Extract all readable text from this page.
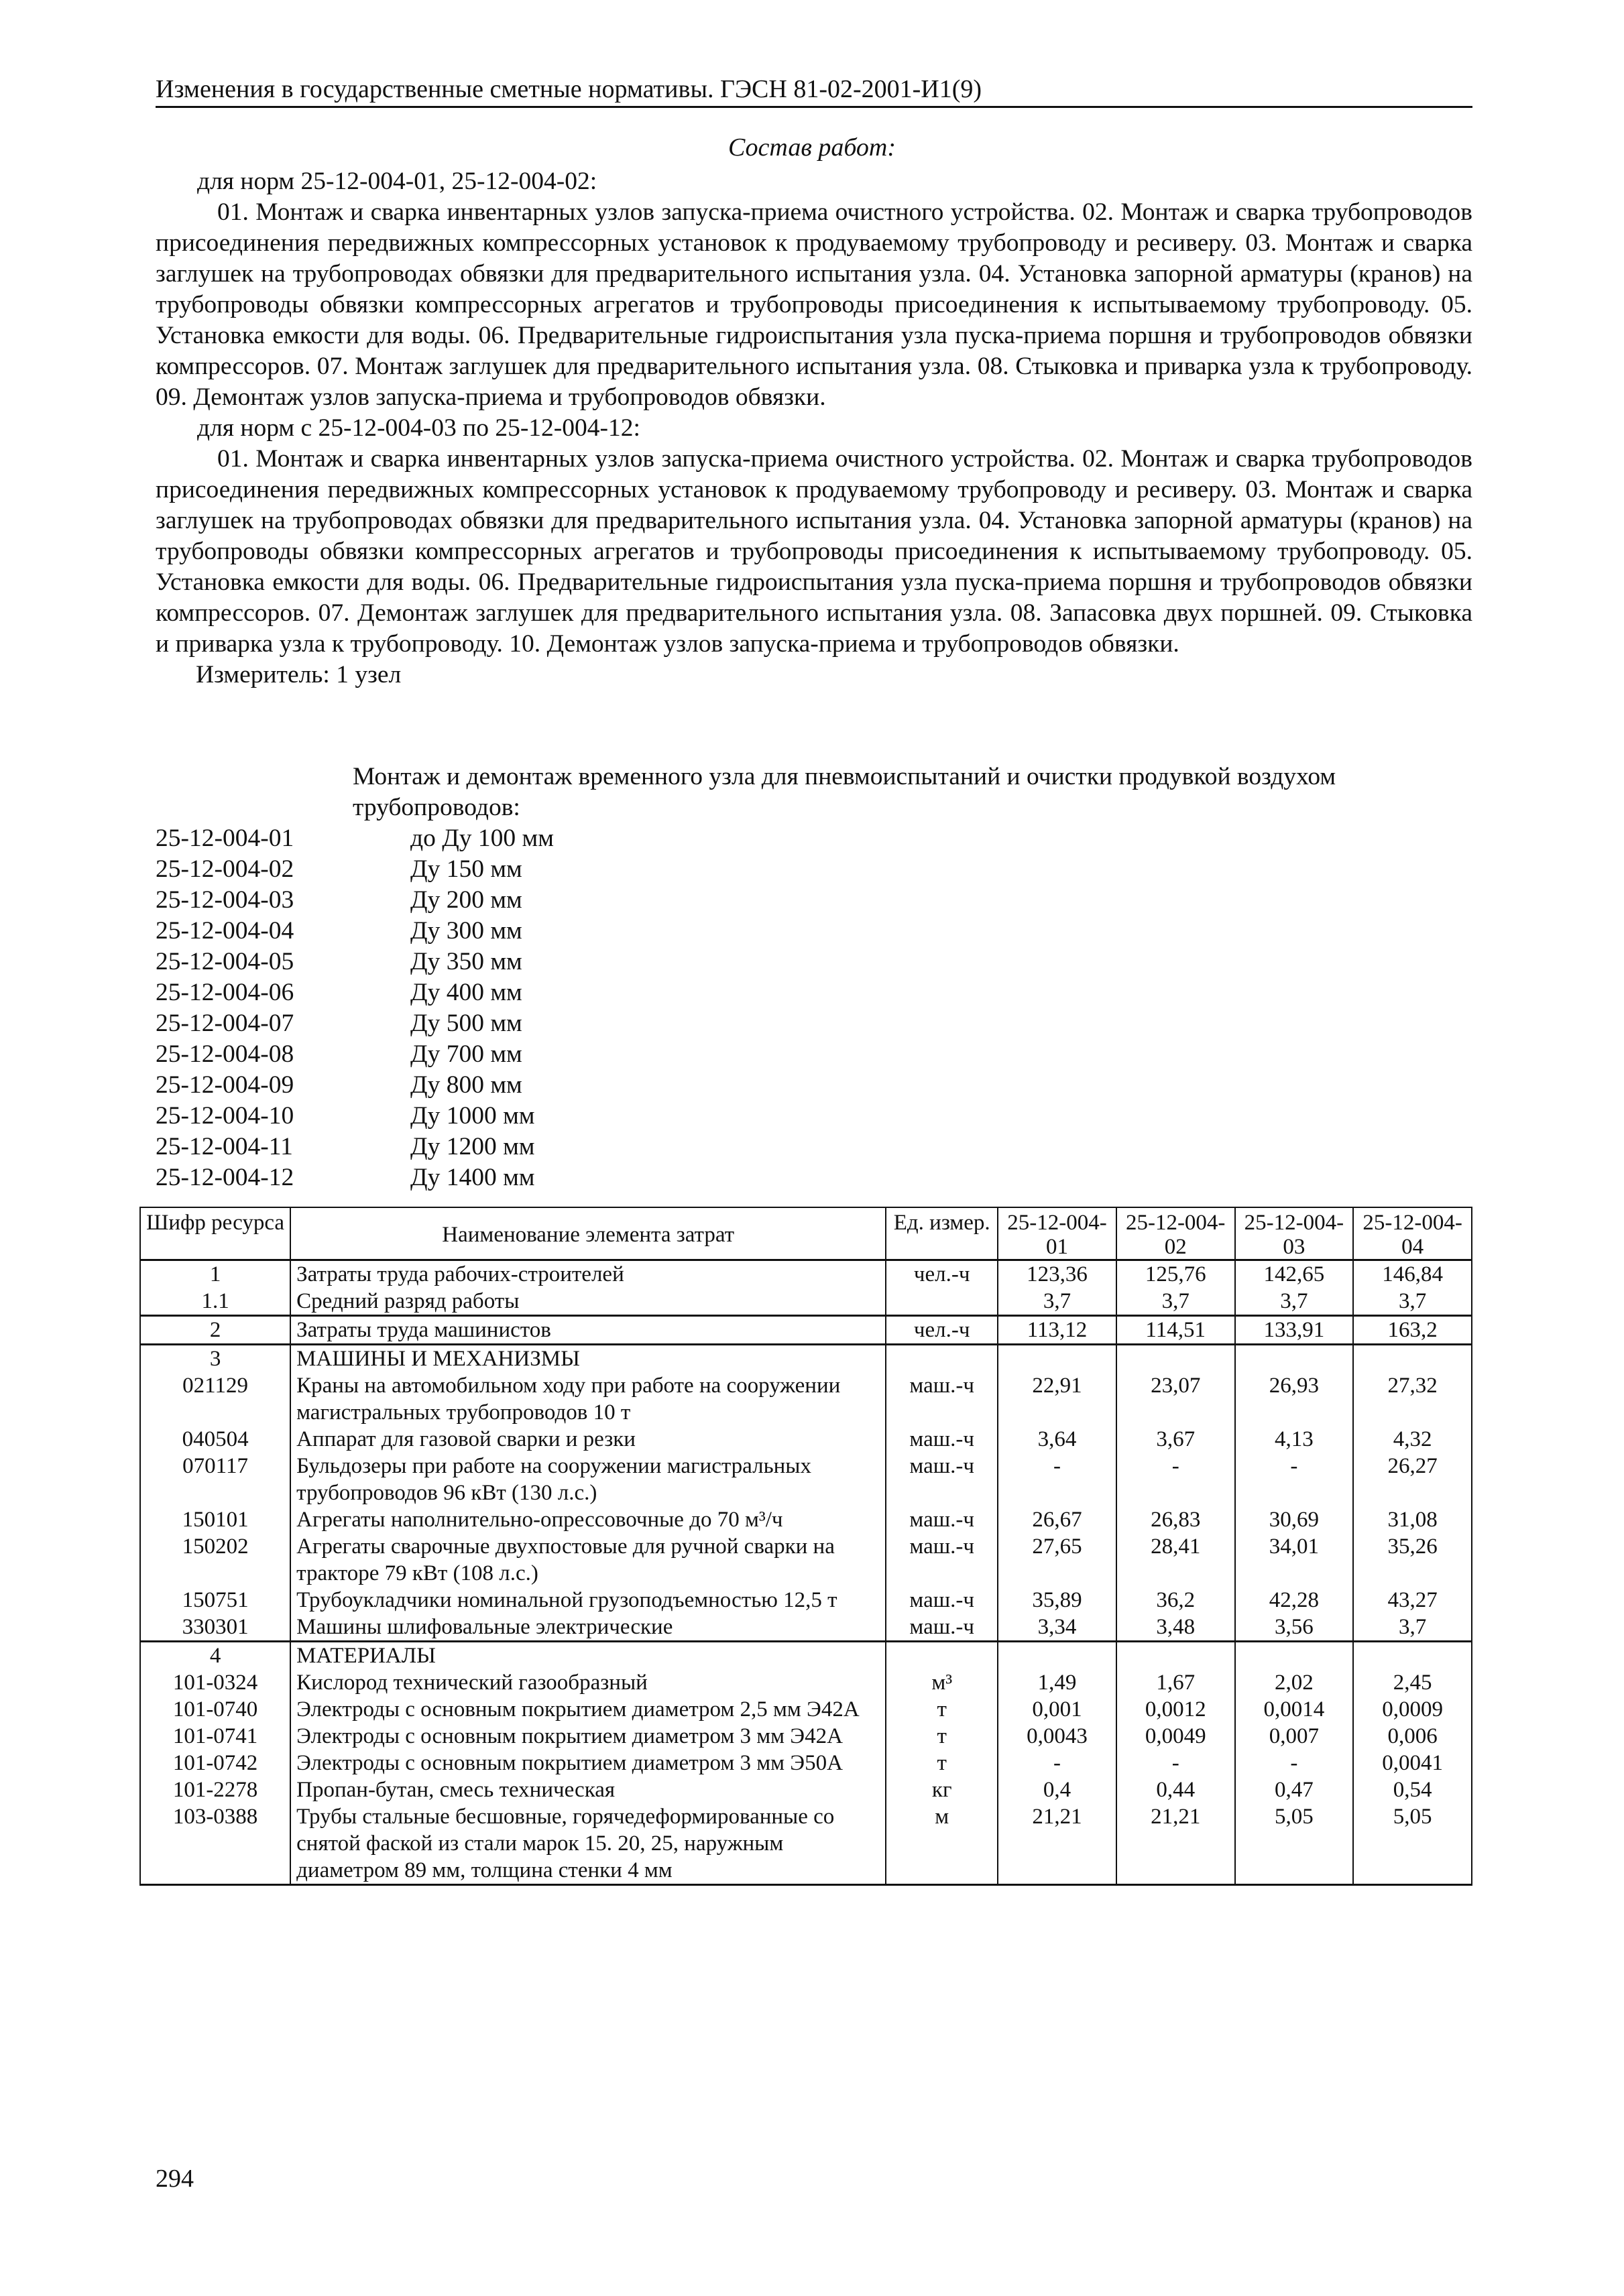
Изменения в государственные сметные нормативы. ГЭСН 81-02-2001-И1(9)
Состав работ:

для норм 25-12-004-01, 25-12-004-02:

01. Монтаж и сварка инвентарных узлов запуска-приема очистного устройства. 02. Монтаж и сварка трубопроводов присоединения передвижных компрессорных установок к продуваемому трубопроводу и ресиверу. 03. Монтаж и сварка заглушек на трубопроводах обвязки для предварительного испытания узла. 04. Установка запорной арматуры (кранов) на трубопроводы обвязки компрессорных агрегатов и трубопроводы присоединения к испытываемому трубопроводу. 05. Установка емкости для воды. 06. Предварительные гидроиспытания узла пуска-приема поршня и трубопроводов обвязки компрессоров. 07. Монтаж заглушек для предварительного испытания узла. 08. Стыковка и приварка узла к трубопроводу. 09. Демонтаж узлов запуска-приема и трубопроводов обвязки.

для норм с 25-12-004-03 по 25-12-004-12:

01. Монтаж и сварка инвентарных узлов запуска-приема очистного устройства. 02. Монтаж и сварка трубопроводов присоединения передвижных компрессорных установок к продуваемому трубопроводу и ресиверу. 03. Монтаж и сварка заглушек на трубопроводах обвязки для предварительного испытания узла. 04. Установка запорной арматуры (кранов) на трубопроводы обвязки компрессорных агрегатов и трубопроводы присоединения к испытываемому трубопроводу. 05. Установка емкости для воды. 06. Предварительные гидроиспытания узла пуска-приема поршня и трубопроводов обвязки компрессоров. 07. Демонтаж заглушек для предварительного испытания узла. 08. Запасовка двух поршней. 09. Стыковка и приварка узла к трубопроводу. 10. Демонтаж узлов запуска-приема и трубопроводов обвязки.

Измеритель: 1 узел

Монтаж и демонтаж временного узла для пневмоиспытаний и очистки продувкой воздухом трубопроводов:
25-12-004-01	до Ду 100 мм
25-12-004-02	Ду 150 мм
25-12-004-03	Ду 200 мм
25-12-004-04	Ду 300 мм
25-12-004-05	Ду 350 мм
25-12-004-06	Ду 400 мм
25-12-004-07	Ду 500 мм
25-12-004-08	Ду 700 мм
25-12-004-09	Ду 800 мм
25-12-004-10	Ду 1000 мм
25-12-004-11	Ду 1200 мм
25-12-004-12	Ду 1400 мм
Шифр ресурса	Наименование элемента затрат	Ед. измер.	25-12-004-01	25-12-004-02	25-12-004-03	25-12-004-04
1	Затраты труда рабочих-строителей	чел.-ч	123,36	125,76	142,65	146,84
1.1	Средний разряд работы		3,7	3,7	3,7	3,7
2	Затраты труда машинистов	чел.-ч	113,12	114,51	133,91	163,2
3	МАШИНЫ И МЕХАНИЗМЫ					
021129	Краны на автомобильном ходу при работе на сооружении магистральных трубопроводов 10 т	маш.-ч	22,91	23,07	26,93	27,32
040504	Аппарат для газовой сварки и резки	маш.-ч	3,64	3,67	4,13	4,32
070117	Бульдозеры при работе на сооружении магистральных трубопроводов 96 кВт (130 л.с.)	маш.-ч	-	-	-	26,27
150101	Агрегаты наполнительно-опрессовочные до 70 м³/ч	маш.-ч	26,67	26,83	30,69	31,08
150202	Агрегаты сварочные двухпостовые для ручной сварки на тракторе 79 кВт (108 л.с.)	маш.-ч	27,65	28,41	34,01	35,26
150751	Трубоукладчики номинальной грузоподъемностью 12,5 т	маш.-ч	35,89	36,2	42,28	43,27
330301	Машины шлифовальные электрические	маш.-ч	3,34	3,48	3,56	3,7
4	МАТЕРИАЛЫ					
101-0324	Кислород технический газообразный	м³	1,49	1,67	2,02	2,45
101-0740	Электроды с основным покрытием диаметром 2,5 мм Э42А	т	0,001	0,0012	0,0014	0,0009
101-0741	Электроды с основным покрытием диаметром 3 мм Э42А	т	0,0043	0,0049	0,007	0,006
101-0742	Электроды с основным покрытием диаметром 3 мм Э50А	т	-	-	-	0,0041
101-2278	Пропан-бутан, смесь техническая	кг	0,4	0,44	0,47	0,54
103-0388	Трубы стальные бесшовные, горячедеформированные со снятой фаской из стали марок 15. 20, 25, наружным диаметром 89 мм, толщина стенки 4 мм	м	21,21	21,21	5,05	5,05
294
